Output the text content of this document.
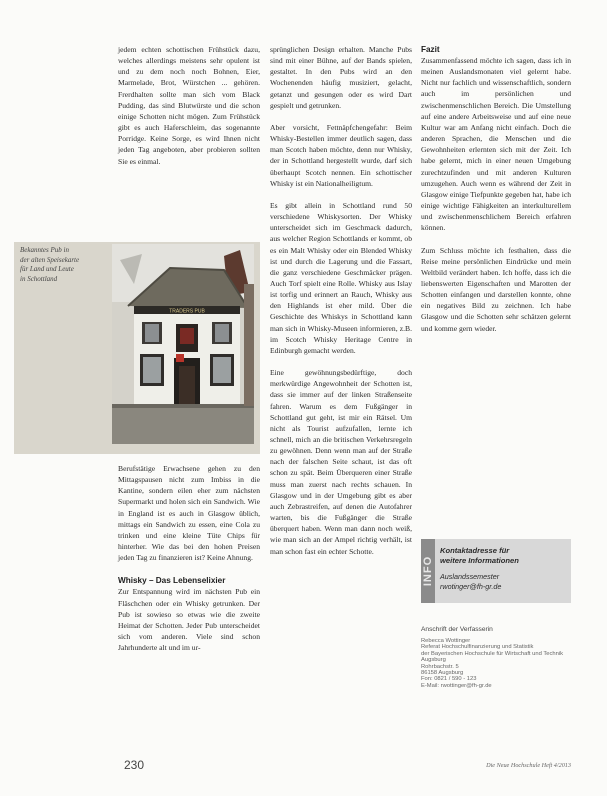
jedem echten schottischen Frühstück dazu, welches allerdings meistens sehr opulent ist und zu dem noch noch Bohnen, Eier, Marmelade, Brot, Würstchen ... gehören. Frerdhalten sollte man sich vom Black Pudding, das sind Blutwürste und die schon einige Schotten nicht mögen. Zum Frühstück gibt es auch Haferschleim, das sogenannte Porridge. Keine Sorge, es wird Ihnen nicht jeden Tag angeboten, aber probieren sollten Sie es einmal.

Bekanntes Pub in der alten Speisekarte für Land und Leute in Schottland
TRADERS PUB

Berufstätige Erwachsene gehen zu den Mittagspausen nicht zum Imbiss in die Kantine, sondern eilen eher zum nächsten Supermarkt und holen sich ein Sandwich. Wie in England ist es auch in Glasgow üblich, mittags ein Sandwich zu essen, eine Cola zu trinken und eine kleine Tüte Chips für hinterher. Wie das bei den hohen Preisen jeden Tag zu finanzieren ist? Keine Ahnung.

Whisky – Das Lebenselixier

Zur Entspannung wird im nächsten Pub ein Fläschchen oder ein Whisky getrunken. Der Pub ist sowieso so etwas wie die zweite Heimat der Schotten. Jeder Pub unterscheidet sich vom anderen. Viele sind schon Jahrhunderte alt und im ur-

sprünglichen Design erhalten. Manche Pubs sind mit einer Bühne, auf der Bands spielen, gestaltet. In den Pubs wird an den Wochenenden häufig musiziert, gelacht, getanzt und gesungen oder es wird Dart gespielt und getrunken.

Aber vorsicht, Fettnäpfchengefahr: Beim Whisky-Bestellen immer deutlich sagen, dass man Scotch haben möchte, denn nur Whisky, der in Schottland hergestellt wurde, darf sich überhaupt Scotch nennen. Ein schottischer Whisky ist ein Nationalheiligtum.

Es gibt allein in Schottland rund 50 verschiedene Whiskysorten. Der Whisky unterscheidet sich im Geschmack dadurch, aus welcher Region Schottlands er kommt, ob es ein Malt Whisky oder ein Blended Whisky ist und durch die Lagerung und die Fassart, die ganz verschiedene Geschmäcker prägen. Auch Torf spielt eine Rolle. Whisky aus Islay ist torfig und erinnert an Rauch, Whisky aus den Highlands ist eher mild. Über die Geschichte des Whiskys in Schottland kann man sich in Whisky-Museen informieren, z.B. im Scotch Whisky Heritage Centre in Edinburgh gemacht werden.

Eine gewöhnungsbedürftige, doch merkwürdige Angewohnheit der Schotten ist, dass sie immer auf der linken Straßenseite fahren. Warum es dem Fußgänger in Schottland gut geht, ist mir ein Rätsel. Um nicht als Tourist aufzufallen, lernte ich schnell, mich an die britischen Verkehrsregeln zu gewöhnen. Denn wenn man auf der Straße nach der falschen Seite schaut, ist das oft schon zu spät. Beim Überqueren einer Straße muss man zuerst nach rechts schauen. In Glasgow und in der Umgebung gibt es aber auch Zebrastreifen, auf denen die Autofahrer warten, bis die Fußgänger die Straße überquert haben. Wenn man dann noch weiß, wie man sich an der Ampel richtig verhält, ist man schon fast ein echter Schotte.

Fazit

Zusammenfassend möchte ich sagen, dass ich in meinen Auslandsmonaten viel gelernt habe. Nicht nur fachlich und wissenschaftlich, sondern auch im persönlichen und zwischenmenschlichen Bereich. Die Umstellung auf eine andere Arbeitsweise und auf eine neue Kultur war am Anfang nicht einfach. Doch die anderen Sprachen, die Menschen und die Gewohnheiten erlernten sich mit der Zeit. Ich habe gelernt, mich in einer neuen Umgebung zurechtzufinden und mit anderen Kulturen umzugehen. Auch wenn es während der Zeit in Glasgow einige Tiefpunkte gegeben hat, habe ich einige wichtige Fähigkeiten an interkulturellem und zwischenmenschlichem Bereich erfahren können.

Zum Schluss möchte ich festhalten, dass die Reise meine persönlichen Eindrücke und mein Weltbild verändert haben. Ich hoffe, dass ich die liebenswerten Eigenschaften und Marotten der Schotten einfangen und darstellen konnte, ohne ein negatives Bild zu zeichnen. Ich habe Glasgow und die Schotten sehr schätzen gelernt und komme gern wieder.

INFO
Kontaktadresse für
weitere Informationen
Auslandssemester
rwotinger@fh-gr.de
Anschrift der Verfasserin
Rebecca Wottinger
Referat Hochschulfinanzierung und Statistik
der Bayerischen Hochschule für Wirtschaft und Technik Augsburg
Rohrbachstr. 5
86158 Augsburg
Fon: 0821 / 590 - 123
E-Mail: rwottinger@fh-gr.de
230	Die Neue Hochschule Heft 4/2013
